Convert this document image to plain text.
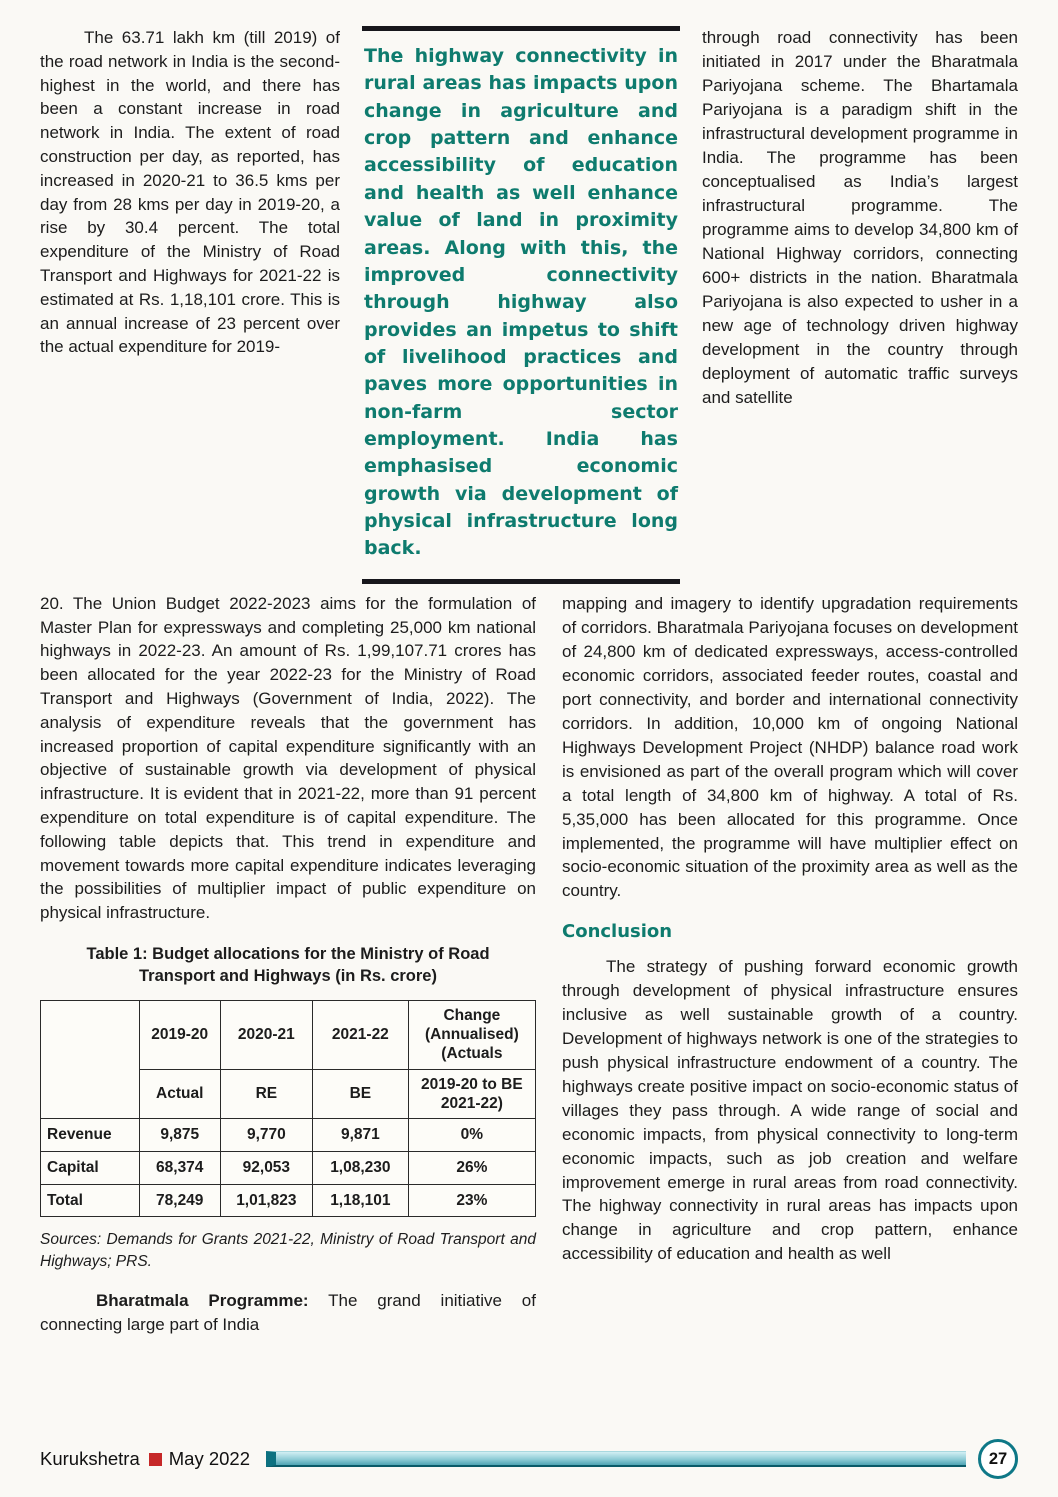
The 63.71 lakh km (till 2019) of the road network in India is the second-highest in the world, and there has been a constant increase in road network in India. The extent of road construction per day, as reported, has increased in 2020-21 to 36.5 kms per day from 28 kms per day in 2019-20, a rise by 30.4 percent. The total expenditure of the Ministry of Road Transport and Highways for 2021-22 is estimated at Rs. 1,18,101 crore. This is an annual increase of 23 percent over the actual expenditure for 2019-

The highway connectivity in rural areas has impacts upon change in agriculture and crop pattern and enhance accessibility of education and health as well enhance value of land in proximity areas. Along with this, the improved connectivity through highway also provides an impetus to shift of livelihood practices and paves more opportunities in non-farm sector employment. India has emphasised economic growth via development of physical infrastructure long back.

through road connectivity has been initiated in 2017 under the Bharatmala Pariyojana scheme. The Bhartamala Pariyojana is a paradigm shift in the infrastructural development programme in India. The programme has been conceptualised as India’s largest infrastructural programme. The programme aims to develop 34,800 km of National Highway corridors, connecting 600+ districts in the nation. Bharatmala Pariyojana is also expected to usher in a new age of technology driven highway development in the country through deployment of automatic traffic surveys and satellite

20. The Union Budget 2022-2023 aims for the formulation of Master Plan for expressways and completing 25,000 km national highways in 2022-23. An amount of Rs. 1,99,107.71 crores has been allocated for the year 2022-23 for the Ministry of Road Transport and Highways (Government of India, 2022). The analysis of expenditure reveals that the government has increased proportion of capital expenditure significantly with an objective of sustainable growth via development of physical infrastructure. It is evident that in 2021-22, more than 91 percent expenditure on total expenditure is of capital expenditure. The following table depicts that. This trend in expenditure and movement towards more capital expenditure indicates leveraging the possibilities of multiplier impact of public expenditure on physical infrastructure.

Table 1: Budget allocations for the Ministry of Road Transport and Highways (in Rs. crore)
	2019-20	2020-21	2021-22	Change (Annualised) (Actuals
	Actual	RE	BE	2019-20 to BE 2021-22)
Revenue	9,875	9,770	9,871	0%
Capital	68,374	92,053	1,08,230	26%
Total	78,249	1,01,823	1,18,101	23%

Sources: Demands for Grants 2021-22, Ministry of Road Transport and Highways; PRS.

Bharatmala Programme: The grand initiative of connecting large part of India

mapping and imagery to identify upgradation requirements of corridors. Bharatmala Pariyojana focuses on development of 24,800 km of dedicated expressways, access-controlled economic corridors, associated feeder routes, coastal and port connectivity, and border and international connectivity corridors. In addition, 10,000 km of ongoing National Highways Development Project (NHDP) balance road work is envisioned as part of the overall program which will cover a total length of 34,800 km of highway. A total of Rs. 5,35,000 has been allocated for this programme. Once implemented, the programme will have multiplier effect on socio-economic situation of the proximity area as well as the country.

Conclusion

The strategy of pushing forward economic growth through development of physical infrastructure ensures inclusive as well sustainable growth of a country. Development of highways network is one of the strategies to push physical infrastructure endowment of a country. The highways create positive impact on socio-economic status of villages they pass through. A wide range of social and economic impacts, from physical connectivity to long-term economic impacts, such as job creation and welfare improvement emerge in rural areas from road connectivity. The highway connectivity in rural areas has impacts upon change in agriculture and crop pattern, enhance accessibility of education and health as well

Kurukshetra May 2022	27
